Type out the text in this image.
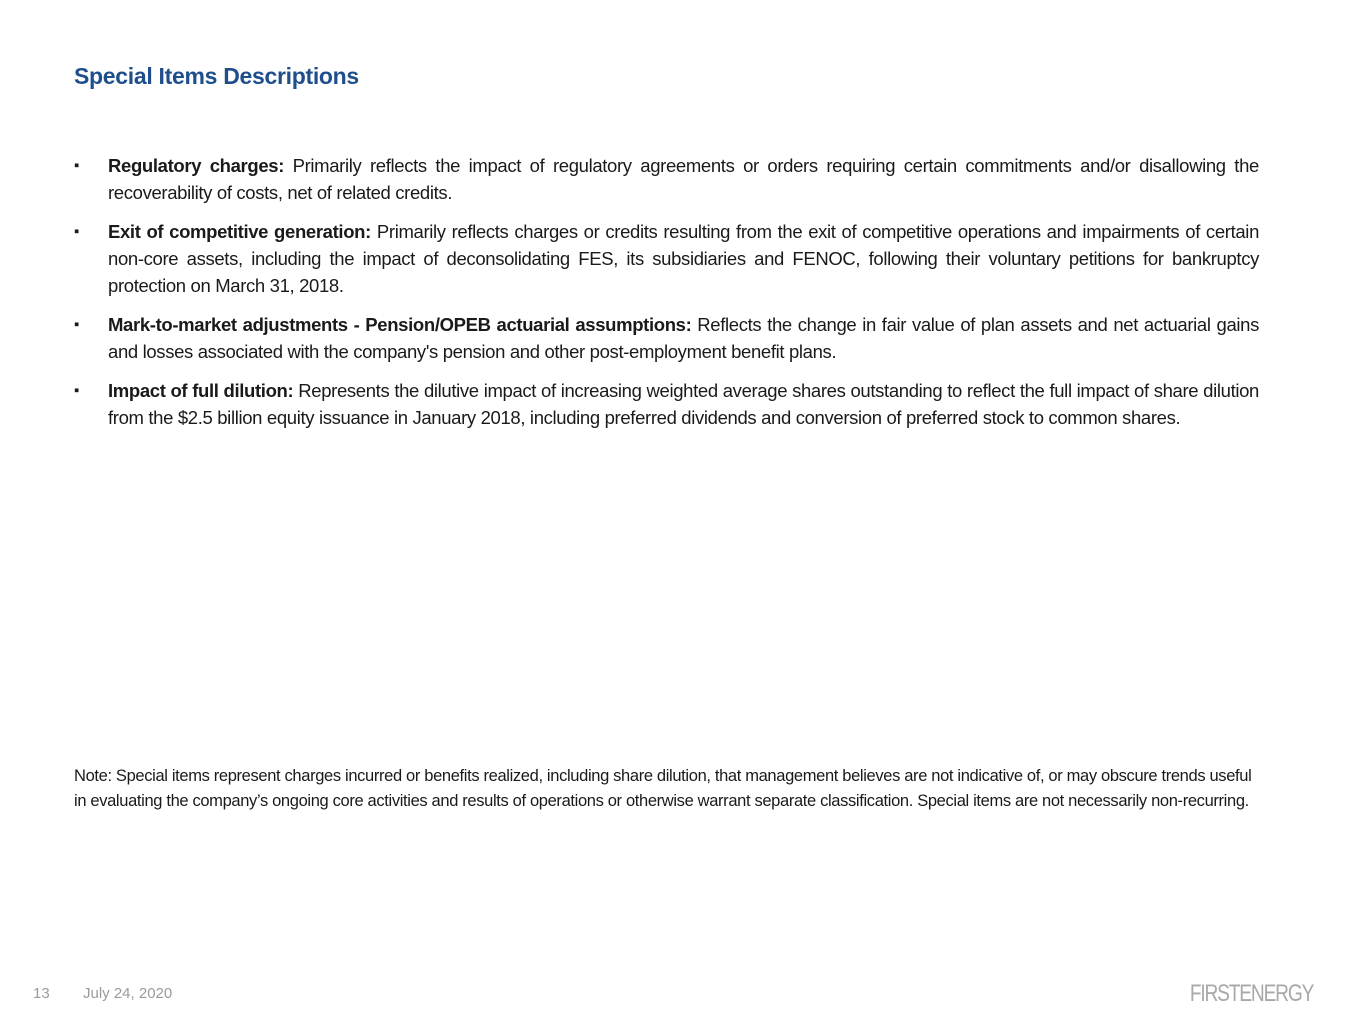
Special Items Descriptions
▪ Regulatory charges: Primarily reflects the impact of regulatory agreements or orders requiring certain commitments and/or disallowing the recoverability of costs, net of related credits.
▪ Exit of competitive generation: Primarily reflects charges or credits resulting from the exit of competitive operations and impairments of certain non-core assets, including the impact of deconsolidating FES, its subsidiaries and FENOC, following their voluntary petitions for bankruptcy protection on March 31, 2018.
▪ Mark-to-market adjustments - Pension/OPEB actuarial assumptions: Reflects the change in fair value of plan assets and net actuarial gains and losses associated with the company's pension and other post-employment benefit plans.
▪ Impact of full dilution: Represents the dilutive impact of increasing weighted average shares outstanding to reflect the full impact of share dilution from the $2.5 billion equity issuance in January 2018, including preferred dividends and conversion of preferred stock to common shares.

Note: Special items represent charges incurred or benefits realized, including share dilution, that management believes are not indicative of, or may obscure trends useful in evaluating the company’s ongoing core activities and results of operations or otherwise warrant separate classification. Special items are not necessarily non-recurring.

13 July 24, 2020	FIRSTENERGY
